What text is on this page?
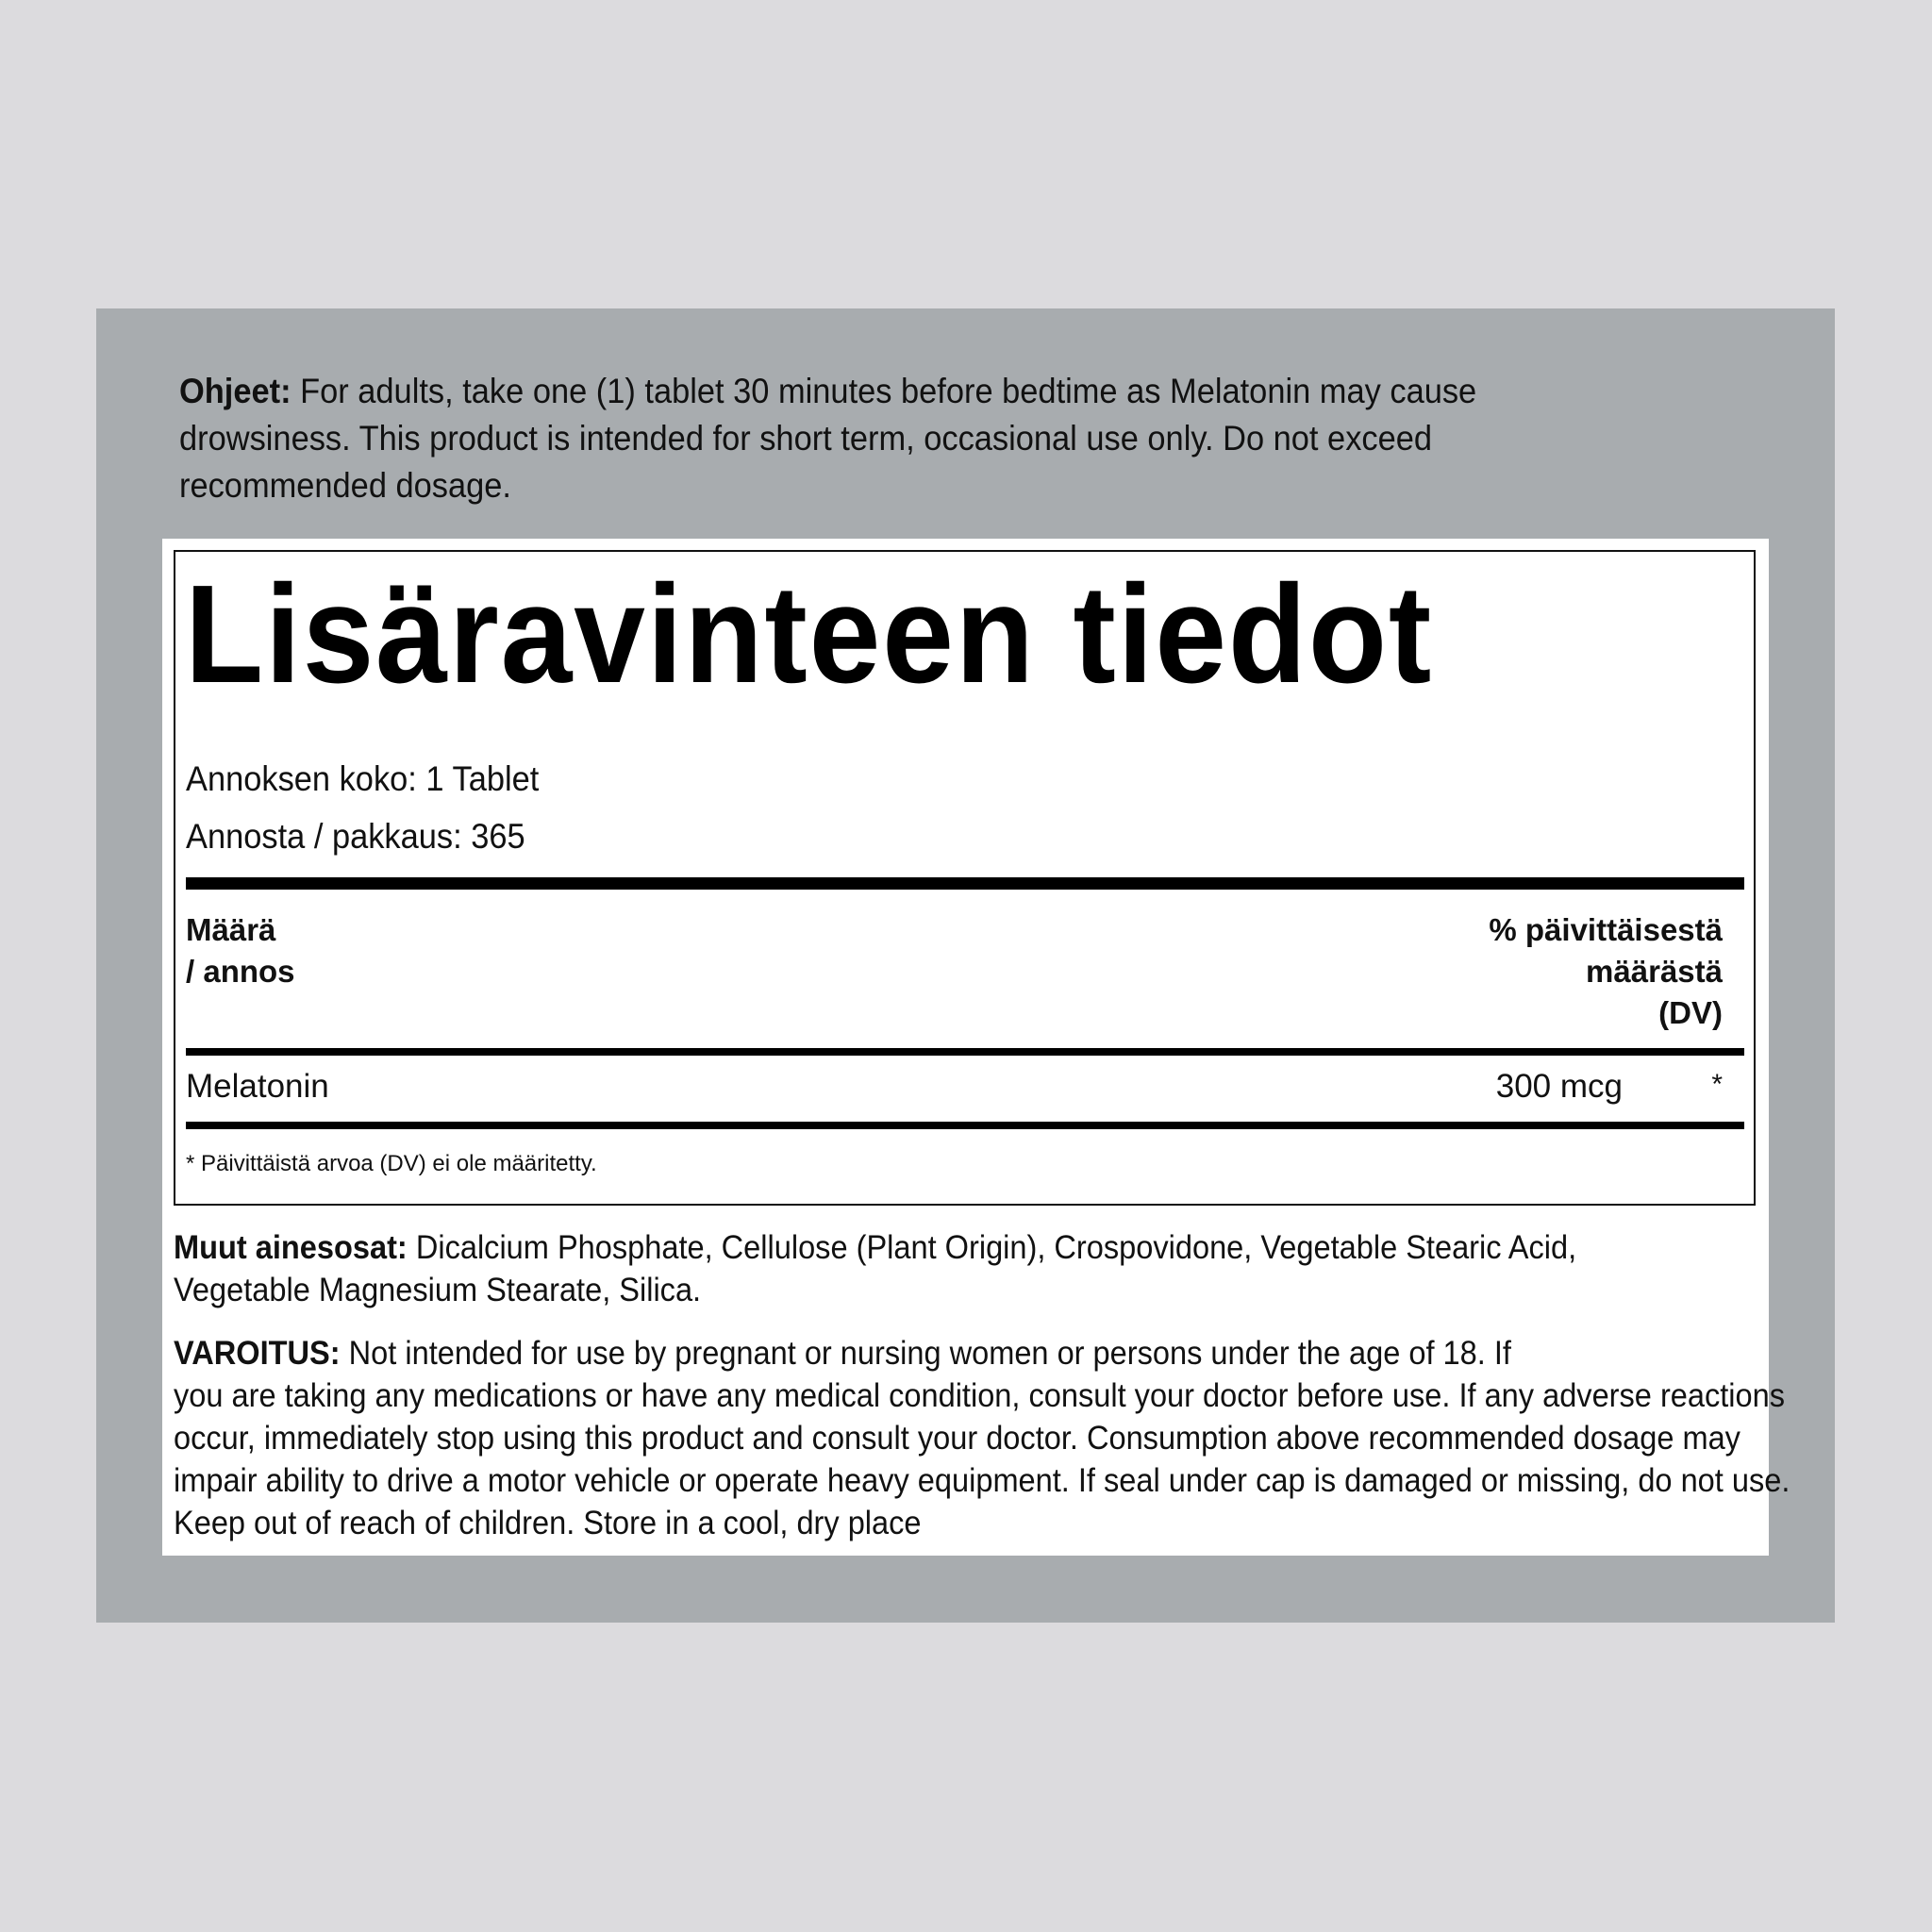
Ohjeet: For adults, take one (1) tablet 30 minutes before bedtime as Melatonin may cause
drowsiness. This product is intended for short term, occasional use only. Do not exceed
recommended dosage.
Lisäravinteen tiedot
Annoksen koko: 1 Tablet
Annosta / pakkaus: 365
Määrä
/ annos
% päivittäisestä
määrästä
(DV)
Melatonin	300 mcg	*
* Päivittäistä arvoa (DV) ei ole määritetty.
Muut ainesosat: Dicalcium Phosphate, Cellulose (Plant Origin), Crospovidone, Vegetable Stearic Acid,
Vegetable Magnesium Stearate, Silica.
VAROITUS: Not intended for use by pregnant or nursing women or persons under the age of 18. If
you are taking any medications or have any medical condition, consult your doctor before use. If any adverse reactions
occur, immediately stop using this product and consult your doctor. Consumption above recommended dosage may
impair ability to drive a motor vehicle or operate heavy equipment. If seal under cap is damaged or missing, do not use.
Keep out of reach of children. Store in a cool, dry place
